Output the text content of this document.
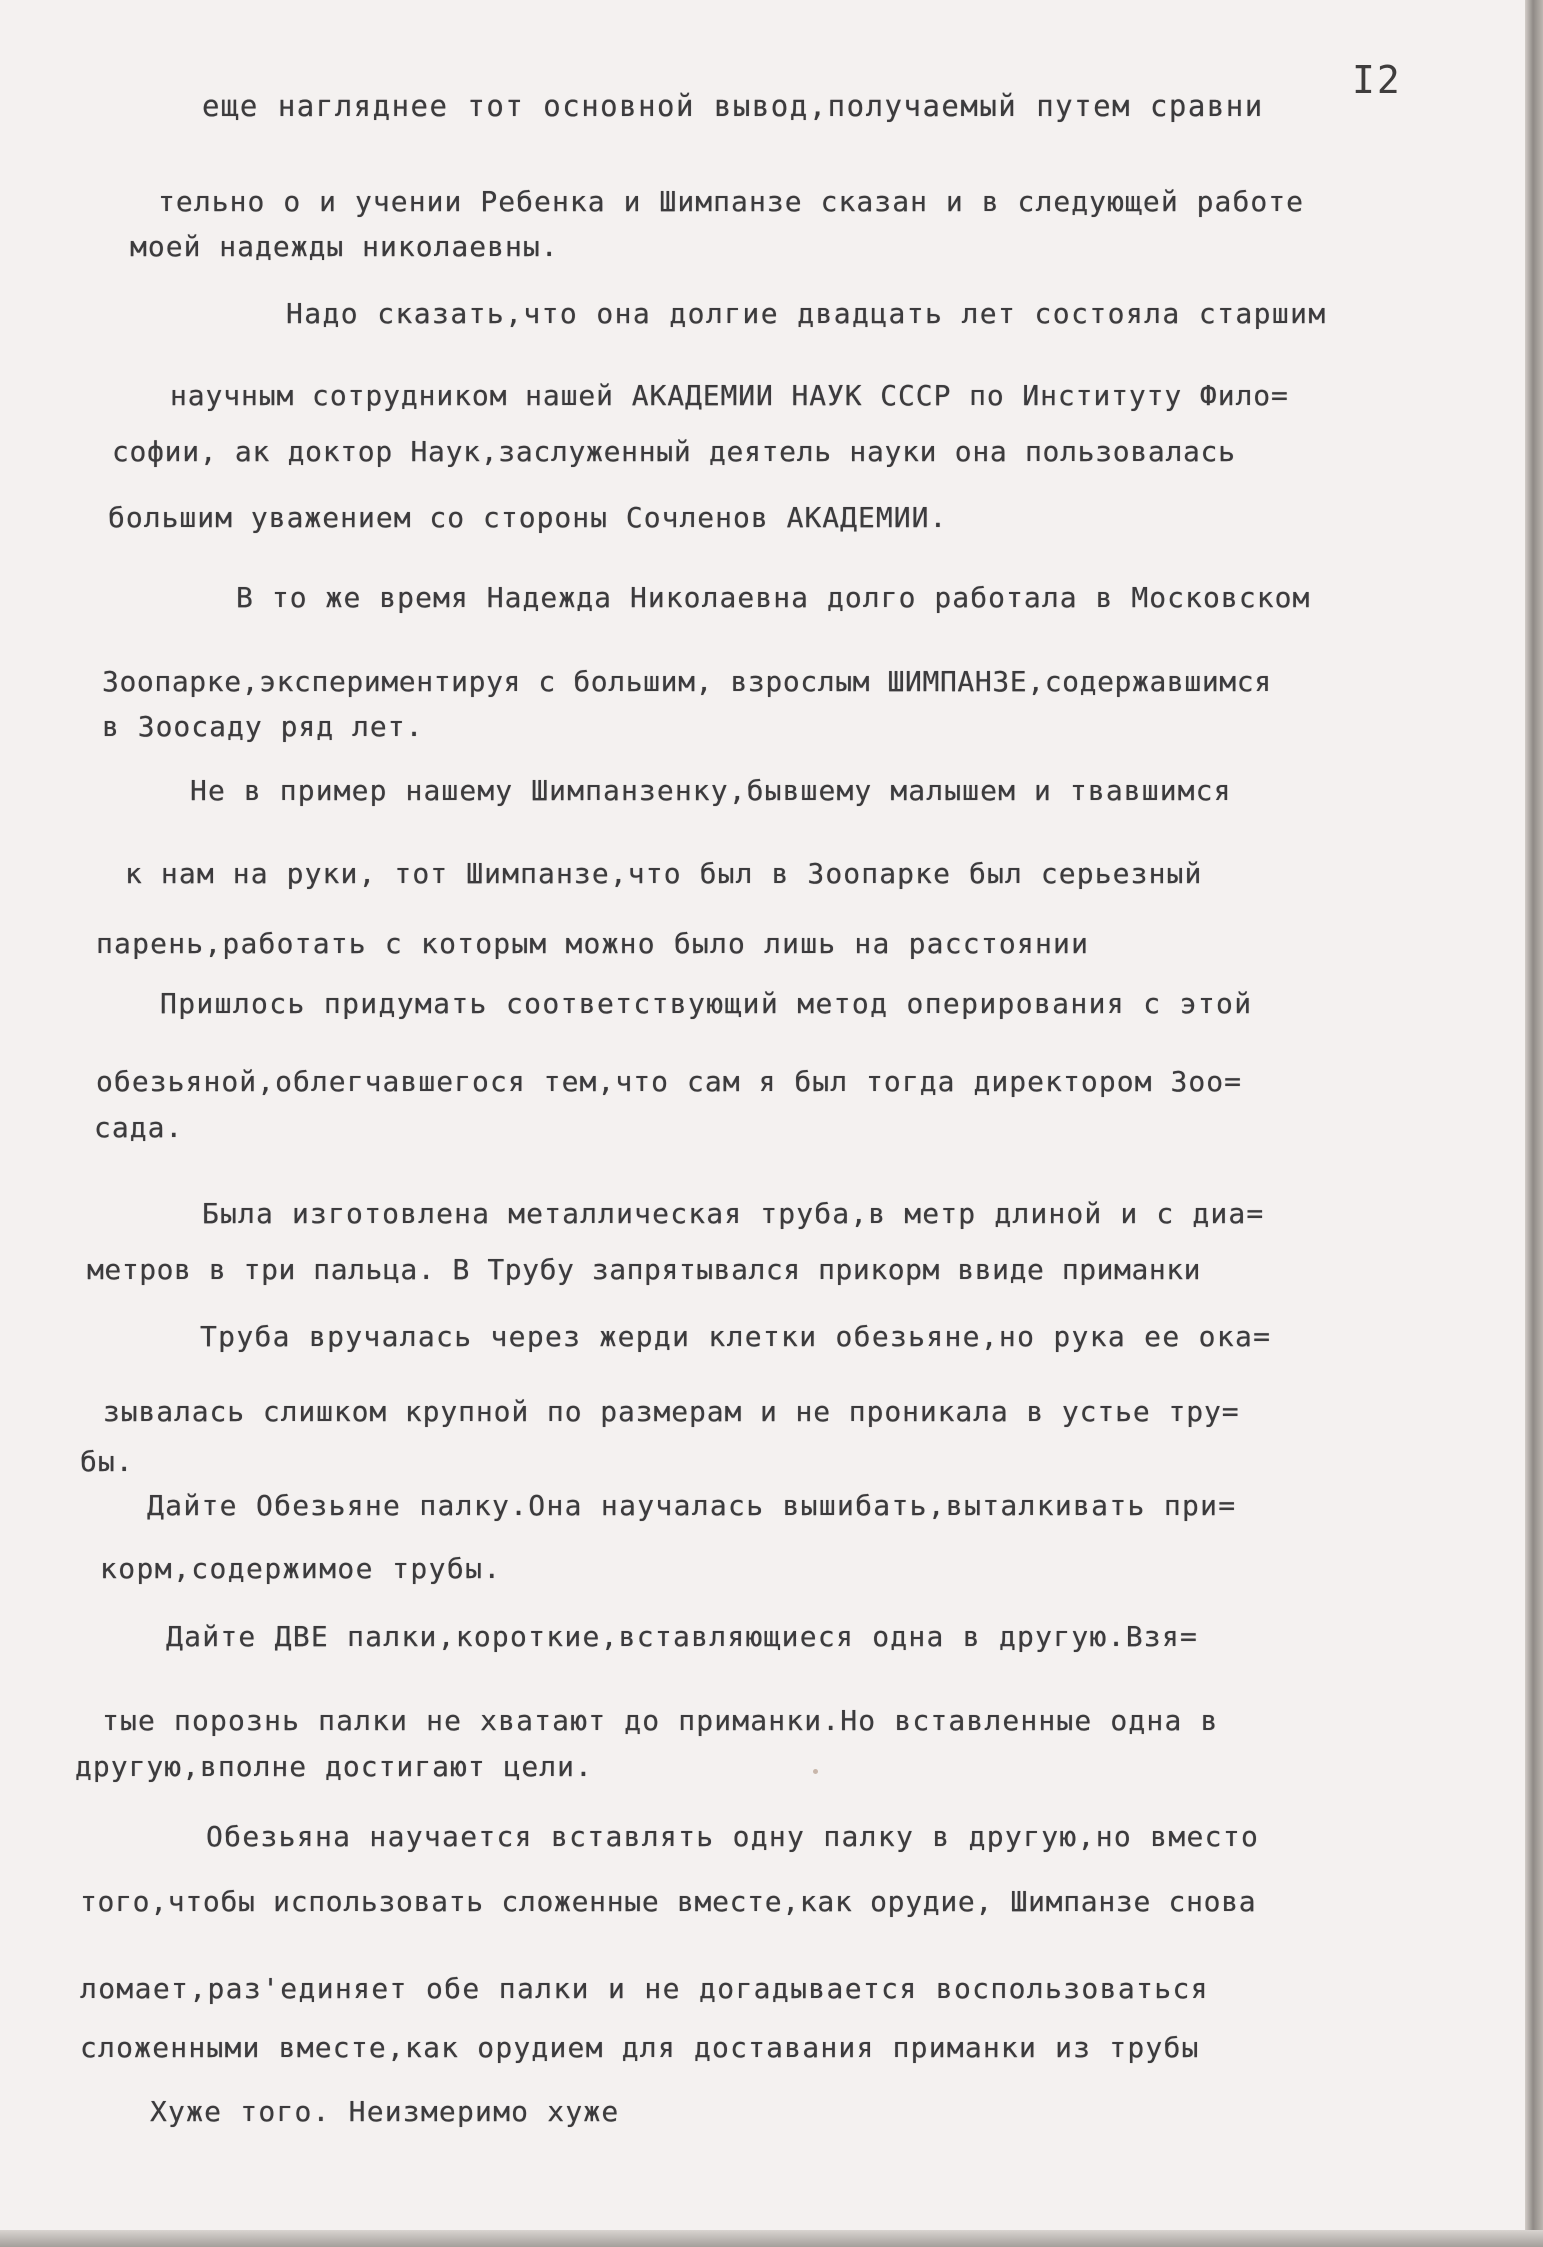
I2
еще нагляднее тот основной вывод,получаемый путем сравни
тельно о и учении Ребенка и Шимпанзе сказан и в следующей работе
моей надежды николаевны.
Надо сказать,что она долгие двадцать лет состояла старшим
научным сотрудником нашей АКАДЕМИИ НАУК СССР по Институту Фило=
софии, ак доктор Наук,заслуженный деятель науки она пользовалась
большим уважением со стороны Сочленов АКАДЕМИИ.
В то же время Надежда Николаевна долго работала в Московском
Зоопарке,экспериментируя с большим, взрослым ШИМПАНЗЕ,содержавшимся
в Зоосаду ряд лет.
Не в пример нашему Шимпанзенку,бывшему малышем и твавшимся
к нам на руки, тот Шимпанзе,что был в Зоопарке был серьезный
парень,работать с которым можно было лишь на расстоянии
Пришлось придумать соответствующий метод оперирования с этой
обезьяной,облегчавшегося тем,что сам я был тогда директором Зоо=
сада.
Была изготовлена металлическая труба,в метр длиной и с диа=
метров в три пальца. В Трубу запрятывался прикорм ввиде приманки
Труба вручалась через жерди клетки обезьяне,но рука ее ока=
зывалась слишком крупной по размерам и не проникала в устье тру=
бы.
Дайте Обезьяне палку.Она научалась вышибать,выталкивать при=
корм,содержимое трубы.
Дайте ДВЕ палки,короткие,вставляющиеся одна в другую.Взя=
тые порознь палки не хватают до приманки.Но вставленные одна в
другую,вполне достигают цели.
Обезьяна научается вставлять одну палку в другую,но вместо
того,чтобы использовать сложенные вместе,как орудие, Шимпанзе снова
ломает,раз'единяет обе палки и не догадывается воспользоваться
сложенными вместе,как орудием для доставания приманки из трубы
Хуже того. Неизмеримо хуже
